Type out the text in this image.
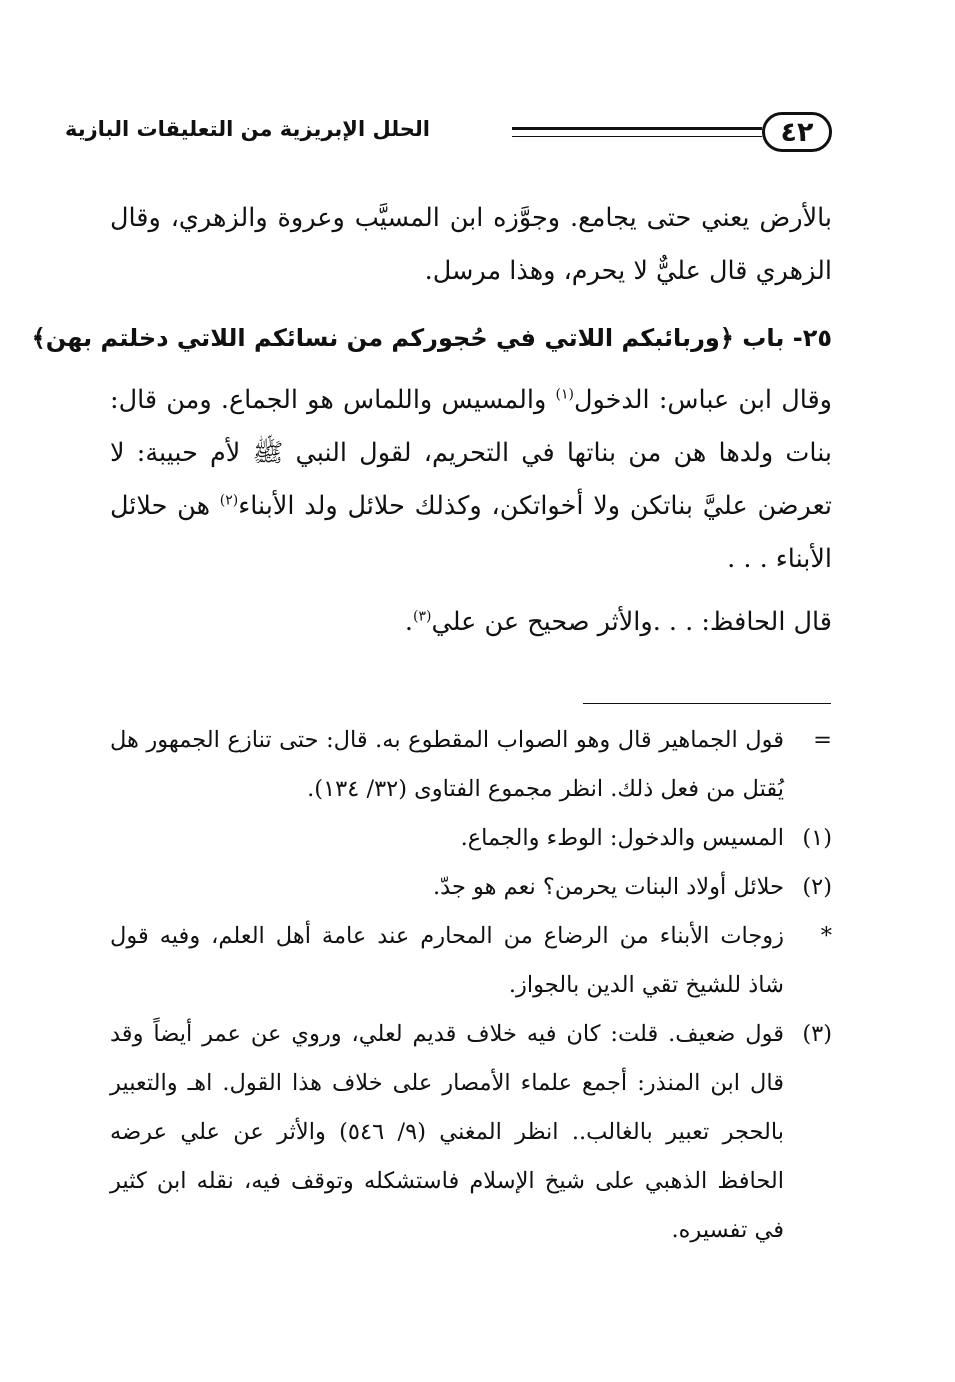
٤٢
الحلل الإبريزية من التعليقات البازية

بالأرض يعني حتى يجامع. وجوَّزه ابن المسيَّب وعروة والزهري، وقال الزهري قال عليٌّ لا يحرم، وهذا مرسل.

٢٥- باب ﴿وربائبكم اللاتي في حُجوركم من نسائكم اللاتي دخلتم بهن﴾

وقال ابن عباس: الدخول$^{(١)}$ والمسيس واللماس هو الجماع. ومن قال: بنات ولدها هن من بناتها في التحريم، لقول النبي ﷺ لأم حبيبة: لا تعرضن عليَّ بناتكن ولا أخواتكن، وكذلك حلائل ولد الأبناء$^{(٢)}$ هن حلائل الأبناء . . .

قال الحافظ: . . .والأثر صحيح عن علي$^{(٣)}$.

=
قول الجماهير قال وهو الصواب المقطوع به. قال: حتى تنازع الجمهور هل يُقتل من فعل ذلك. انظر مجموع الفتاوى (٣٢/ ١٣٤).
(١)
المسيس والدخول: الوطء والجماع.
(٢)
حلائل أولاد البنات يحرمن؟ نعم هو جدّ.
*
زوجات الأبناء من الرضاع من المحارم عند عامة أهل العلم، وفيه قول شاذ للشيخ تقي الدين بالجواز.
(٣)
قول ضعيف. قلت: كان فيه خلاف قديم لعلي، وروي عن عمر أيضاً وقد قال ابن المنذر: أجمع علماء الأمصار على خلاف هذا القول. اهـ والتعبير بالحجر تعبير بالغالب.. انظر المغني (٩/ ٥٤٦) والأثر عن علي عرضه الحافظ الذهبي على شيخ الإسلام فاستشكله وتوقف فيه، نقله ابن كثير في تفسيره.
